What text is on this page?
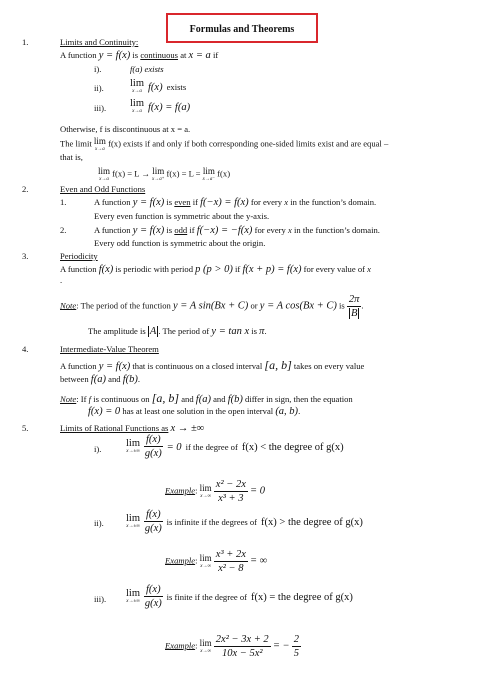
Formulas and Theorems
1.	Limits and Continuity:
A function y = f(x) is continuous at x = a if
i).	f(a) exists
ii). lim
x→a f(x) exists
iii). lim
x→a f(x) = f(a)
Otherwise, f is discontinuous at x = a.
The limit lim
x→a
f(x) exists if and only if both corresponding one-sided limits exist and are equal –
that is,
lim
x→a
f(x) = L → lim
x→a⁺
f(x) = L = lim
x→a⁻
f(x)
2.	Even and Odd Functions
1.	A function y = f(x) is even if f(−x) = f(x) for every x in the function’s domain.
Every even function is symmetric about the y-axis.
2.	A function y = f(x) is odd if f(−x) = −f(x) for every x in the function’s domain.
Every odd function is symmetric about the origin.
3.	Periodicity
A function f(x) is periodic with period p (p > 0) if f(x + p) = f(x) for every value of x
.
Note: The period of the function y = A sin(Bx + C) or y = A cos(Bx + C) is $\frac{2\pi}{B}$ .
The amplitude is A . The period of y = tan x is π.
4.	Intermediate-Value Theorem
A function y = f(x) that is continuous on a closed interval [a, b] takes on every value
between f(a) and f(b).
Note: If f is continuous on [a, b] and f(a) and f(b) differ in sign, then the equation
f(x) = 0 has at least one solution in the open interval (a, b).
5.	Limits of Rational Functions as x → ±∞
i). lim
x→±∞
$\frac{f(x)}{g(x)} = 0$ if the degree of f(x) < the degree of g(x)
Example: lim
x→∞
$\frac{\text{x² − 2x}}{\text{x³ + 3}} = 0$
ii). lim
x→±∞
$\frac{f(x)}{g(x)}$ is infinite if the degrees of f(x) > the degree of g(x)
Example: lim
x→∞
$\frac{\text{x³ + 2x}}{\text{x² − 8}}$ = ∞
iii). lim
x→±∞
$\frac{f(x)}{g(x)}$ is finite if the degree of f(x) = the degree of g(x)
Example: lim
x→∞
$\frac{\text{2x² − 3x + 2}}{\text{10x − 5x²}}$ = − $\frac{2}{5}$
